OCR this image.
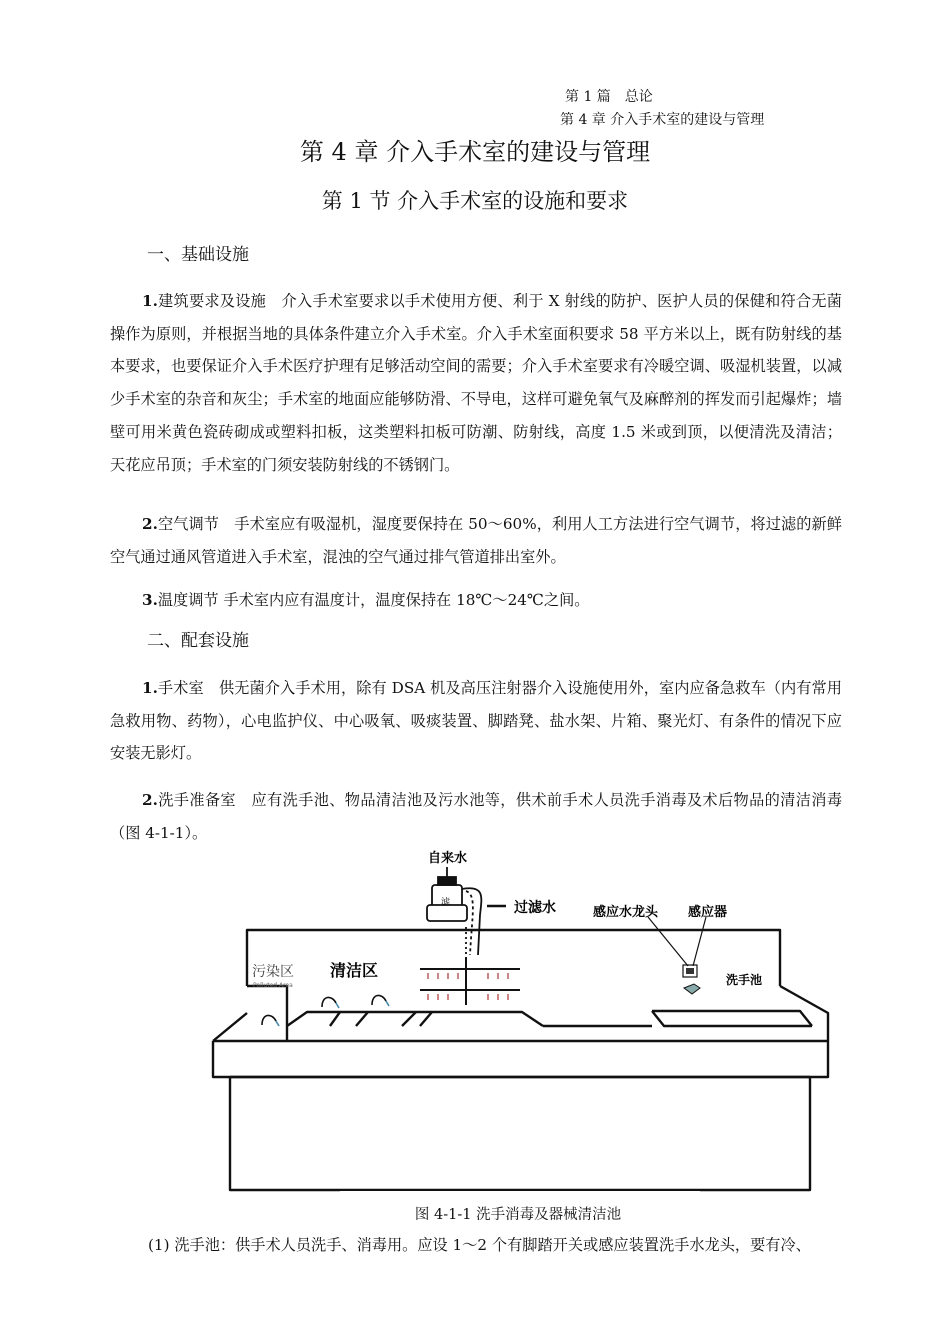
第 1 篇　总论
第 4 章 介入手术室的建设与管理
第 4 章 介入手术室的建设与管理
第 1 节 介入手术室的设施和要求
一、基础设施
1.建筑要求及设施　介入手术室要求以手术使用方便、利于 X 射线的防护、医护人员的保健和符合无菌操作为原则，并根据当地的具体条件建立介入手术室。介入手术室面积要求 58 平方米以上，既有防射线的基本要求，也要保证介入手术医疗护理有足够活动空间的需要；介入手术室要求有冷暖空调、吸湿机装置，以减少手术室的杂音和灰尘；手术室的地面应能够防滑、不导电，这样可避免氧气及麻醉剂的挥发而引起爆炸；墙壁可用米黄色瓷砖砌成或塑料扣板，这类塑料扣板可防潮、防射线，高度 1.5 米或到顶，以便清洗及清洁；天花应吊顶；手术室的门须安装防射线的不锈钢门。
2.空气调节　手术室应有吸湿机，湿度要保持在 50～60%，利用人工方法进行空气调节，将过滤的新鲜空气通过通风管道进入手术室，混浊的空气通过排气管道排出室外。
3.温度调节 手术室内应有温度计，温度保持在 18℃～24℃之间。
二、配套设施
1.手术室　供无菌介入手术用，除有 DSA 机及高压注射器介入设施使用外，室内应备急救车（内有常用急救用物、药物），心电监护仪、中心吸氧、吸痰装置、脚踏凳、盐水架、片箱、聚光灯、有条件的情况下应安装无影灯。
2.洗手准备室　应有洗手池、物品清洁池及污水池等，供术前手术人员洗手消毒及术后物品的清洁消毒（图 4-1-1）。
自来水
过滤水	感应水龙头 感应器
洗手池
污染区
Polluted Area
清洁区
滤
图 4-1-1 洗手消毒及器械清洁池
(1) 洗手池：供手术人员洗手、消毒用。应设 1～2 个有脚踏开关或感应装置洗手水龙头，要有冷、
